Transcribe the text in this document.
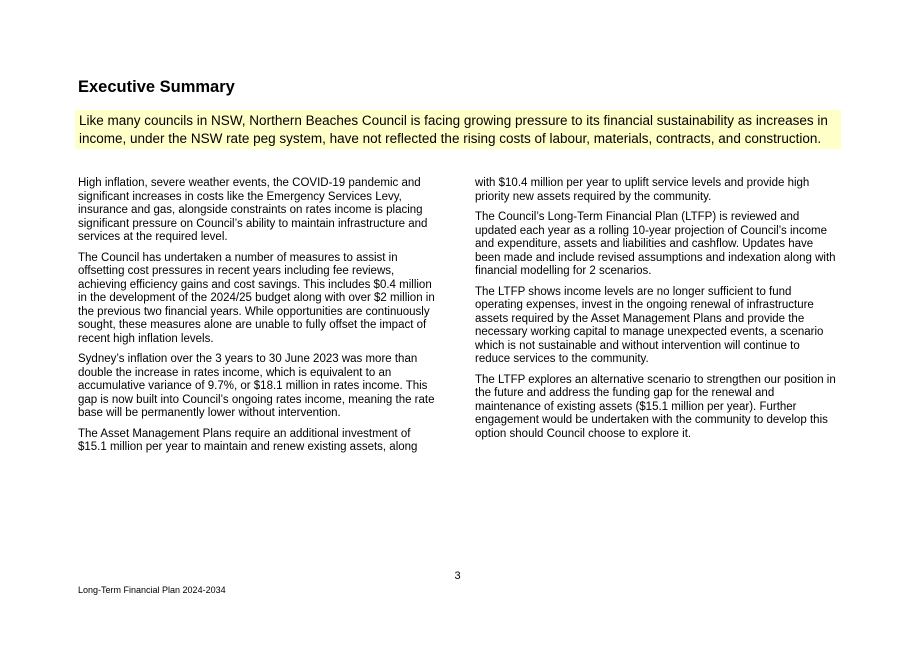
Executive Summary
Like many councils in NSW, Northern Beaches Council is facing growing pressure to its financial sustainability as increases in income, under the NSW rate peg system, have not reflected the rising costs of labour, materials, contracts, and construction.

High inflation, severe weather events, the COVID-19 pandemic and significant increases in costs like the Emergency Services Levy, insurance and gas, alongside constraints on rates income is placing significant pressure on Council’s ability to maintain infrastructure and services at the required level.

The Council has undertaken a number of measures to assist in offsetting cost pressures in recent years including fee reviews, achieving efficiency gains and cost savings. This includes $0.4 million in the development of the 2024/25 budget along with over $2 million in the previous two financial years. While opportunities are continuously sought, these measures alone are unable to fully offset the impact of recent high inflation levels.

Sydney’s inflation over the 3 years to 30 June 2023 was more than double the increase in rates income, which is equivalent to an accumulative variance of 9.7%, or $18.1 million in rates income. This gap is now built into Council’s ongoing rates income, meaning the rate base will be permanently lower without intervention.

The Asset Management Plans require an additional investment of $15.1 million per year to maintain and renew existing assets, along

with $10.4 million per year to uplift service levels and provide high priority new assets required by the community.

The Council’s Long-Term Financial Plan (LTFP) is reviewed and updated each year as a rolling 10-year projection of Council’s income and expenditure, assets and liabilities and cashflow. Updates have been made and include revised assumptions and indexation along with financial modelling for 2 scenarios.

The LTFP shows income levels are no longer sufficient to fund operating expenses, invest in the ongoing renewal of infrastructure assets required by the Asset Management Plans and provide the necessary working capital to manage unexpected events, a scenario which is not sustainable and without intervention will continue to reduce services to the community.

The LTFP explores an alternative scenario to strengthen our position in the future and address the funding gap for the renewal and maintenance of existing assets ($15.1 million per year). Further engagement would be undertaken with the community to develop this option should Council choose to explore it.

3
Long-Term Financial Plan 2024-2034
